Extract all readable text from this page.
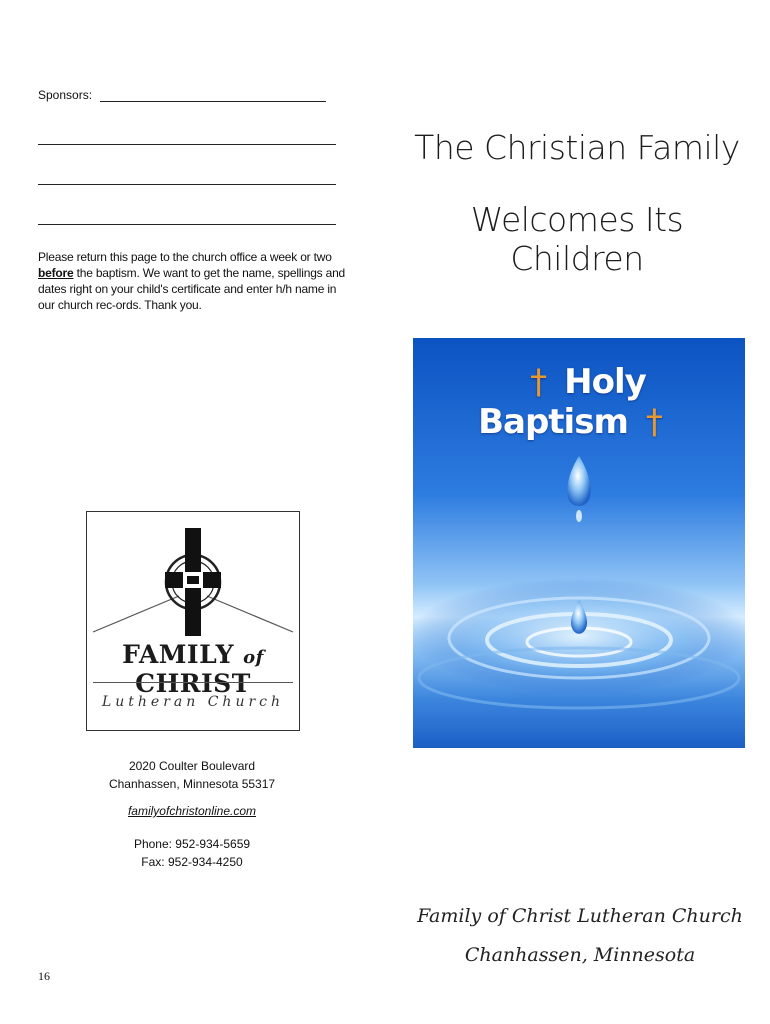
Sponsors:
Please return this page to the church office a week or two before the baptism. We want to get the name, spellings and dates right on your child's certificate and enter h/h name in our church rec-ords. Thank you.
FAMILY of CHRIST
Lutheran Church
2020 Coulter Boulevard
Chanhassen, Minnesota 55317
familyofchristonline.com
Phone: 952-934-5659
Fax: 952-934-4250
16
The Christian Family
Welcomes Its Children
† Holy Baptism †
Family of Christ Lutheran Church
Chanhassen, Minnesota
